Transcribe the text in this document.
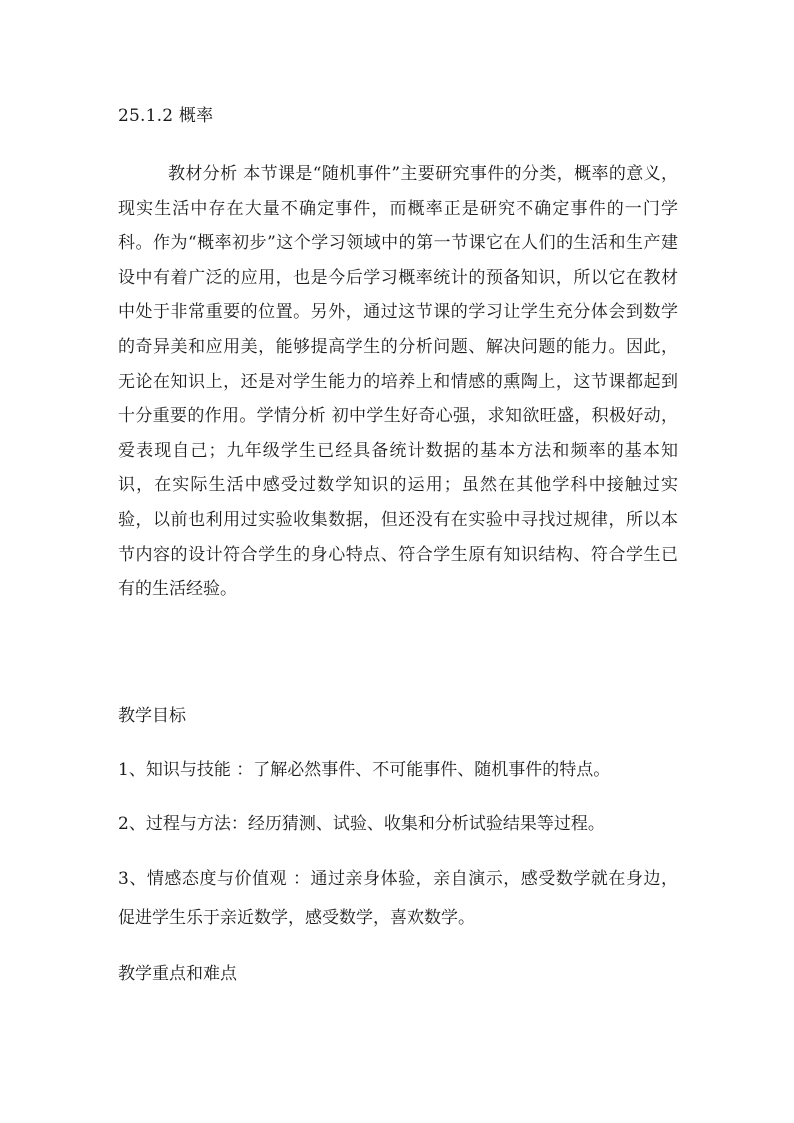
25.1.2 概率

教材分析 本节课是“随机事件”主要研究事件的分类，概率的意义，现实生活中存在大量不确定事件，而概率正是研究不确定事件的一门学科。作为“概率初步”这个学习领域中的第一节课它在人们的生活和生产建设中有着广泛的应用，也是今后学习概率统计的预备知识，所以它在教材中处于非常重要的位置。另外，通过这节课的学习让学生充分体会到数学的奇异美和应用美，能够提高学生的分析问题、解决问题的能力。因此，无论在知识上，还是对学生能力的培养上和情感的熏陶上，这节课都起到十分重要的作用。学情分析 初中学生好奇心强，求知欲旺盛，积极好动，爱表现自己；九年级学生已经具备统计数据的基本方法和频率的基本知识，在实际生活中感受过数学知识的运用；虽然在其他学科中接触过实验，以前也利用过实验收集数据，但还没有在实验中寻找过规律，所以本节内容的设计符合学生的身心特点、符合学生原有知识结构、符合学生已有的生活经验。

教学目标
1、知识与技能 ：了解必然事件、不可能事件、随机事件的特点。
2、过程与方法：经历猜测、试验、收集和分析试验结果等过程。

3、情感态度与价值观 ：通过亲身体验，亲自演示，感受数学就在身边，促进学生乐于亲近数学，感受数学，喜欢数学。

教学重点和难点
